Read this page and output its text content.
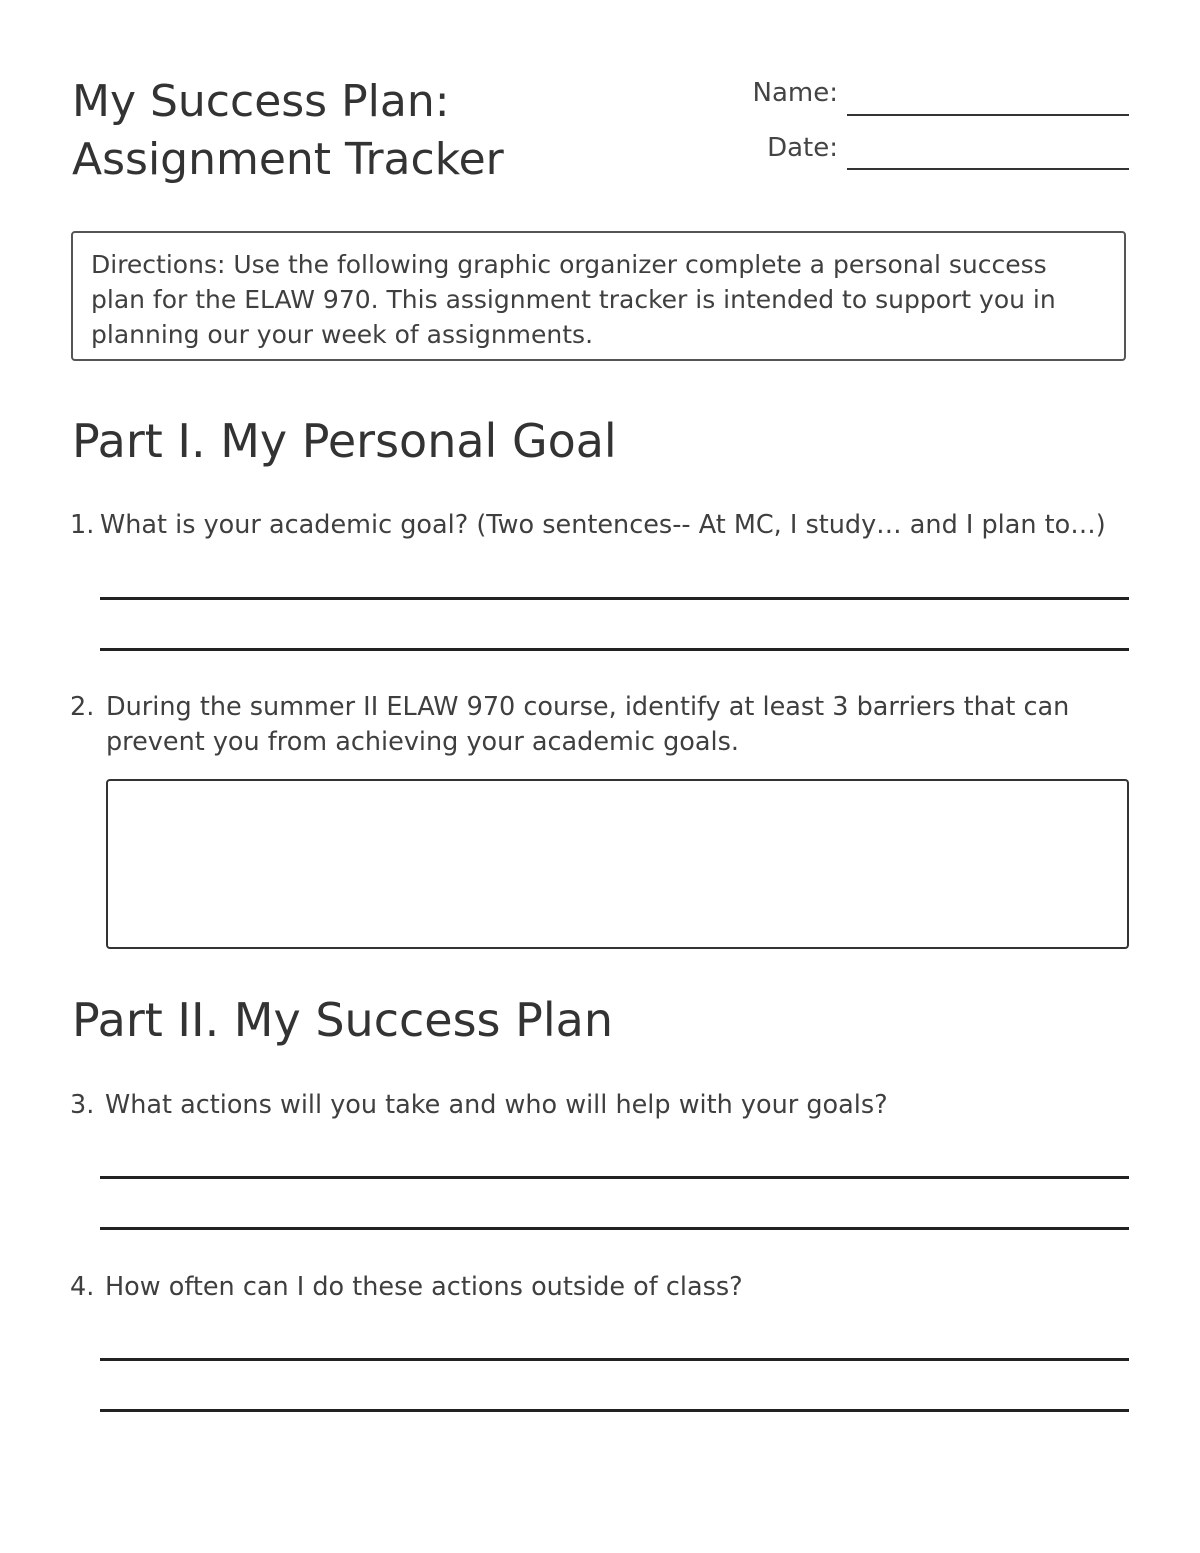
My Success Plan:
Assignment Tracker
Name:
Date:
Directions: Use the following graphic organizer complete a personal success plan for the ELAW 970. This assignment tracker is intended to support you in planning our your week of assignments.
Part I. My Personal Goal
1. What is your academic goal? (Two sentences-- At MC, I study… and I plan to…)
2. During the summer II ELAW 970 course, identify at least 3 barriers that can
prevent you from achieving your academic goals.
Part II. My Success Plan
3. What actions will you take and who will help with your goals?
4. How often can I do these actions outside of class?
